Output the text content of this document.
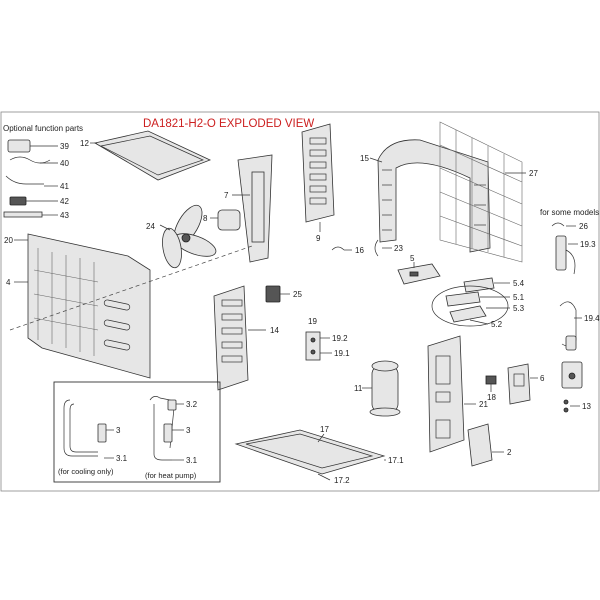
DA1821-H2-O EXPLODED VIEW
Optional function parts
39
40
41
42
43
12
7
8
24
9
15
27
20
4
16	23
5
5.4
5.1
5.3
5.2
25
14
19
19.2
19.1
11
18
21
6
2
17
17.1
17.2
for some models
26
19.3
19.4
13
3
3.1
(for cooling only)
3.2
3
3.1
(for heat pump)
